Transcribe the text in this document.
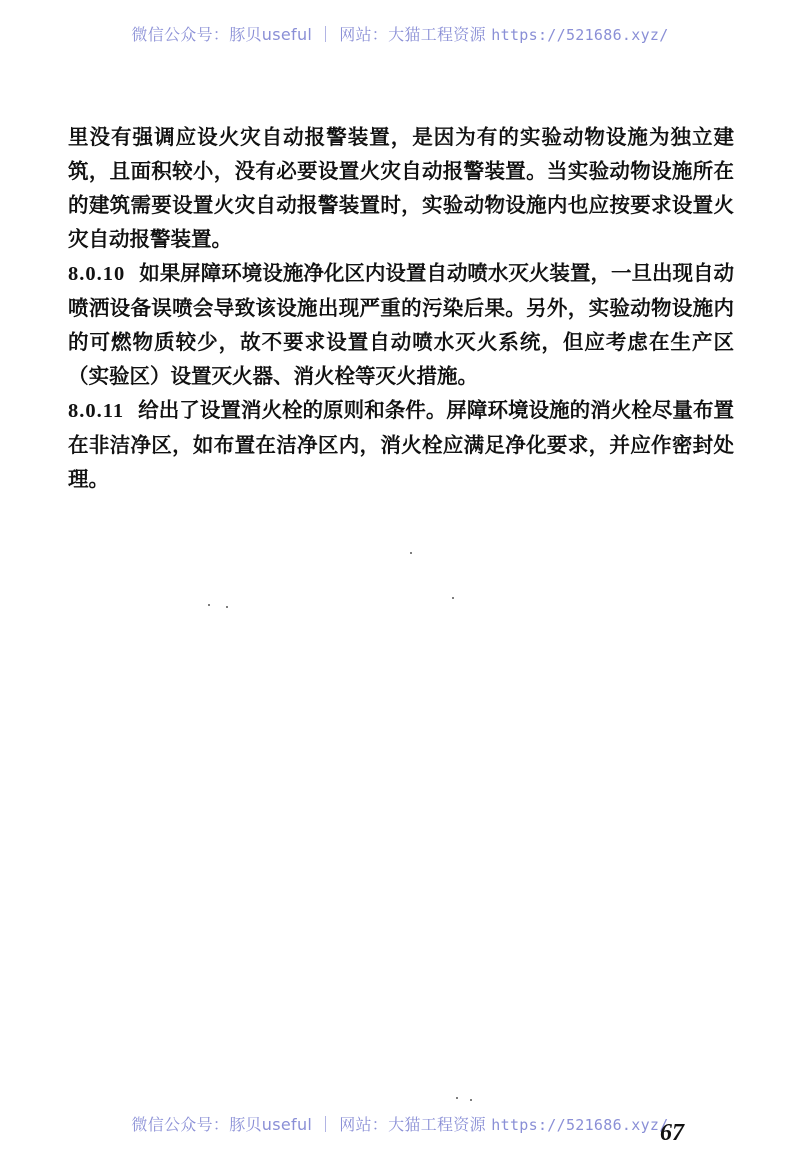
微信公众号：豚贝useful ｜ 网站：大猫工程资源 https://521686.xyz/

里没有强调应设火灾自动报警装置，是因为有的实验动物设施为独立建筑，且面积较小，没有必要设置火灾自动报警装置。当实验动物设施所在的建筑需要设置火灾自动报警装置时，实验动物设施内也应按要求设置火灾自动报警装置。

8.0.10 如果屏障环境设施净化区内设置自动喷水灭火装置，一旦出现自动喷洒设备误喷会导致该设施出现严重的污染后果。另外，实验动物设施内的可燃物质较少，故不要求设置自动喷水灭火系统，但应考虑在生产区（实验区）设置灭火器、消火栓等灭火措施。

8.0.11 给出了设置消火栓的原则和条件。屏障环境设施的消火栓尽量布置在非洁净区，如布置在洁净区内，消火栓应满足净化要求，并应作密封处理。

微信公众号：豚贝useful ｜ 网站：大猫工程资源 https://521686.xyz/
67
